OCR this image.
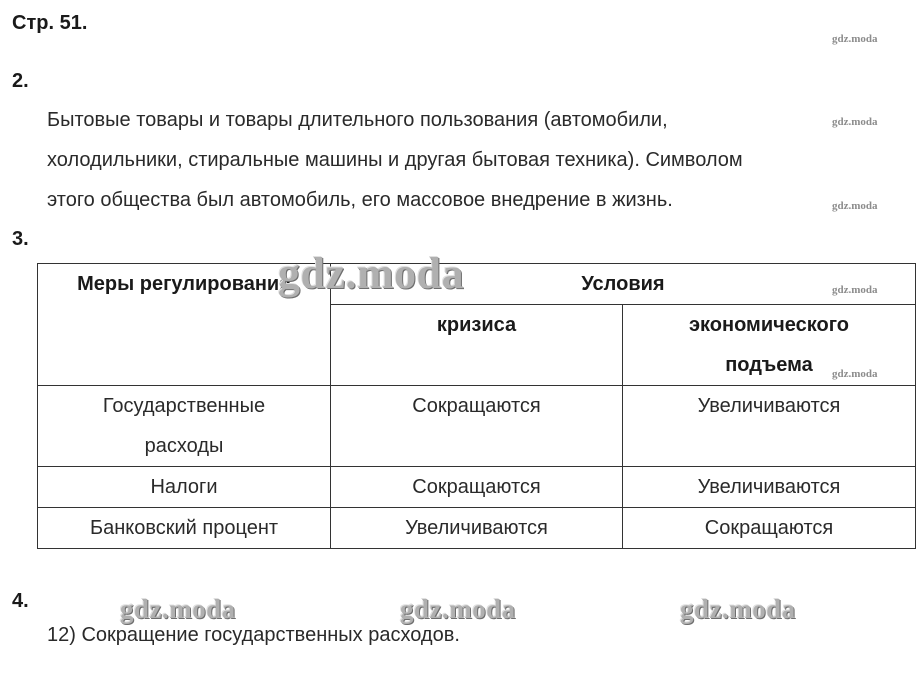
Стр. 51.
gdz.moda
gdz.moda
gdz.moda
gdz.moda
gdz.moda
2.
Бытовые товары и товары длительного пользования (автомобили,
холодильники, стиральные машины и другая бытовая техника). Символом
этого общества был автомобиль, его массовое внедрение в жизнь.
3.
gdz.moda
Меры регулирования	Условия	
	кризиса	экономического
подъема

Государственные
расходы	Сокращаются	Увеличиваются
Налоги	Сокращаются	Увеличиваются
Банковский процент	Увеличиваются	Сокращаются
4.	gdz.moda	gdz.moda	gdz.moda
12) Сокращение государственных расходов.
